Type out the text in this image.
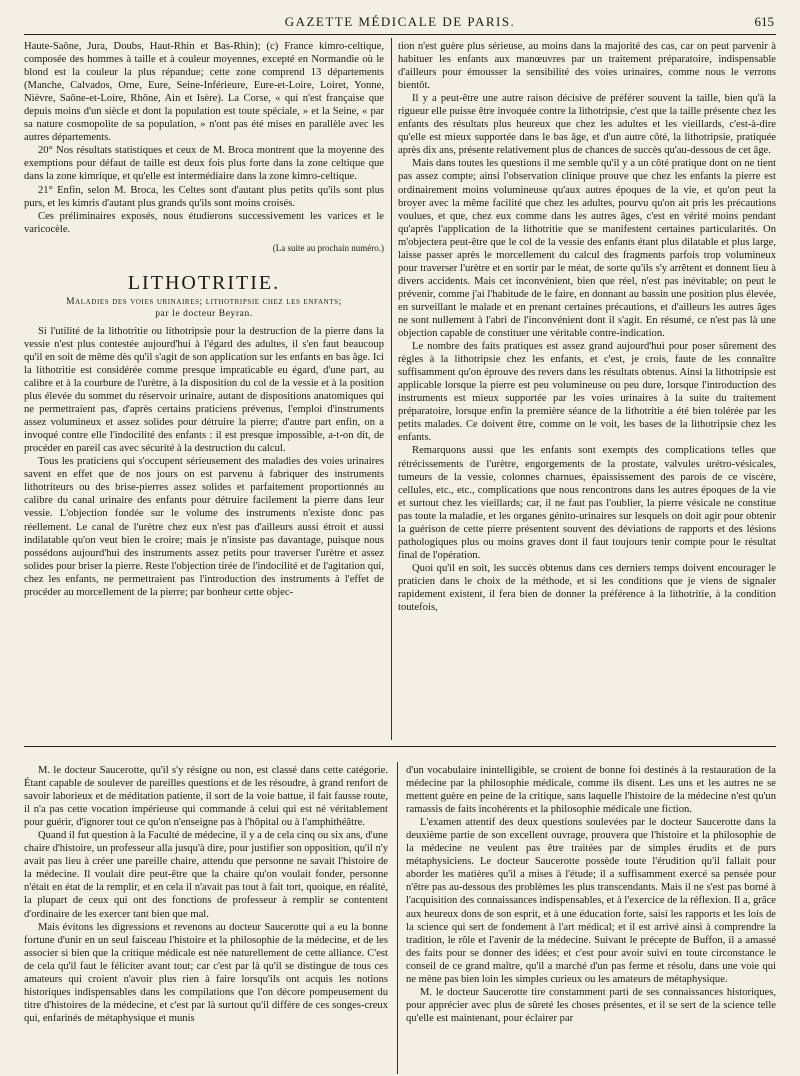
GAZETTE MÉDICALE DE PARIS.	615

Haute-Saône, Jura, Doubs, Haut-Rhin et Bas-Rhin); (c) France kimro-celtique, composée des hommes à taille et à couleur moyennes, excepté en Normandie où le blond est la couleur la plus répandue; cette zone comprend 13 départements (Manche, Calvados, Orne, Eure, Seine-Inférieure, Eure-et-Loire, Loiret, Yonne, Nièvre, Saône-et-Loire, Rhône, Ain et Isère). La Corse, « qui n'est française que depuis moins d'un siècle et dont la population est toute spéciale, » et la Seine, « par sa nature cosmopolite de sa population, » n'ont pas été mises en parallèle avec les autres départements.

20° Nos résultats statistiques et ceux de M. Broca montrent que la moyenne des exemptions pour défaut de taille est deux fois plus forte dans la zone celtique que dans la zone kimrique, et qu'elle est intermédiaire dans la zone kimro-celtique.

21° Enfin, selon M. Broca, les Celtes sont d'autant plus petits qu'ils sont plus purs, et les kimris d'autant plus grands qu'ils sont moins croisés.

Ces préliminaires exposés, nous étudierons successivement les varices et le varicocèle.

(La suite au prochain numéro.)
LITHOTRITIE.
Maladies des voies urinaires; lithotripsie chez les enfants;
par le docteur Beyran.

Si l'utilité de la lithotritie ou lithotripsie pour la destruction de la pierre dans la vessie n'est plus contestée aujourd'hui à l'égard des adultes, il s'en faut beaucoup qu'il en soit de même dès qu'il s'agit de son application sur les enfants en bas âge. Ici la lithotritie est considérée comme presque impraticable eu égard, d'une part, au calibre et à la courbure de l'urètre, à la disposition du col de la vessie et à la position plus élevée du sommet du réservoir urinaire, autant de dispositions anatomiques qui ne permettraient pas, d'après certains praticiens prévenus, l'emploi d'instruments assez volumineux et assez solides pour détruire la pierre; d'autre part enfin, on a invoqué contre elle l'indocilité des enfants : il est presque impossible, a-t-on dit, de procéder en pareil cas avec sécurité à la destruction du calcul.

Tous les praticiens qui s'occupent sérieusement des maladies des voies urinaires savent en effet que de nos jours on est parvenu à fabriquer des instruments lithotriteurs ou des brise-pierres assez solides et parfaitement proportionnés au calibre du canal urinaire des enfants pour détruire facilement la pierre dans leur vessie. L'objection fondée sur le volume des instruments n'existe donc pas réellement. Le canal de l'urètre chez eux n'est pas d'ailleurs aussi étroit et aussi indilatable qu'on veut bien le croire; mais je n'insiste pas davantage, puisque nous possédons aujourd'hui des instruments assez petits pour traverser l'urètre et assez solides pour briser la pierre. Reste l'objection tirée de l'indocilité et de l'agitation qui, chez les enfants, ne permettraient pas l'introduction des instruments à l'effet de procéder au morcellement de la pierre; par bonheur cette objec-

tion n'est guère plus sérieuse, au moins dans la majorité des cas, car on peut parvenir à habituer les enfants aux manœuvres par un traitement préparatoire, indispensable d'ailleurs pour émousser la sensibilité des voies urinaires, comme nous le verrons bientôt.

Il y a peut-être une autre raison décisive de préférer souvent la taille, bien qu'à la rigueur elle puisse être invoquée contre la lithotripsie, c'est que la taille présente chez les enfants des résultats plus heureux que chez les adultes et les vieillards, c'est-à-dire qu'elle est mieux supportée dans le bas âge, et d'un autre côté, la lithotripsie, pratiquée après dix ans, présente relativement plus de chances de succès qu'au-dessous de cet âge.

Mais dans toutes les questions il me semble qu'il y a un côté pratique dont on ne tient pas assez compte; ainsi l'observation clinique prouve que chez les enfants la pierre est ordinairement moins volumineuse qu'aux autres époques de la vie, et qu'on peut la broyer avec la même facilité que chez les adultes, pourvu qu'on ait pris les précautions voulues, et que, chez eux comme dans les autres âges, c'est en vérité moins pendant qu'après l'application de la lithotritie que se manifestent certaines particularités. On m'objectera peut-être que le col de la vessie des enfants étant plus dilatable et plus large, laisse passer après le morcellement du calcul des fragments parfois trop volumineux pour traverser l'urètre et en sortir par le méat, de sorte qu'ils s'y arrêtent et donnent lieu à divers accidents. Mais cet inconvénient, bien que réel, n'est pas inévitable; on peut le prévenir, comme j'ai l'habitude de le faire, en donnant au bassin une position plus élevée, en surveillant le malade et en prenant certaines précautions, et d'ailleurs les autres âges ne sont nullement à l'abri de l'inconvénient dont il s'agit. En résumé, ce n'est pas là une objection capable de constituer une véritable contre-indication.

Le nombre des faits pratiques est assez grand aujourd'hui pour poser sûrement des règles à la lithotripsie chez les enfants, et c'est, je crois, faute de les connaître suffisamment qu'on éprouve des revers dans les résultats obtenus. Ainsi la lithotripsie est applicable lorsque la pierre est peu volumineuse ou peu dure, lorsque l'introduction des instruments est mieux supportée par les voies urinaires à la suite du traitement préparatoire, lorsque enfin la première séance de la lithotritie a été bien tolérée par les petits malades. Ce doivent être, comme on le voit, les bases de la lithotripsie chez les enfants.

Remarquons aussi que les enfants sont exempts des complications telles que rétrécissements de l'urètre, engorgements de la prostate, valvules urétro-vésicales, tumeurs de la vessie, colonnes charnues, épaississement des parois de ce viscère, cellules, etc., etc., complications que nous rencontrons dans les autres époques de la vie et surtout chez les vieillards; car, il ne faut pas l'oublier, la pierre vésicale ne constitue pas toute la maladie, et les organes génito-urinaires sur lesquels on doit agir pour obtenir la guérison de cette pierre présentent souvent des déviations de rapports et des lésions pathologiques plus ou moins graves dont il faut toujours tenir compte pour le résultat final de l'opération.

Quoi qu'il en soit, les succès obtenus dans ces derniers temps doivent encourager le praticien dans le choix de la méthode, et si les conditions que je viens de signaler rapidement existent, il fera bien de donner la préférence à la lithotritie, à la condition toutefois,

M. le docteur Saucerotte, qu'il s'y résigne ou non, est classé dans cette catégorie. Étant capable de soulever de pareilles questions et de les résoudre, à grand renfort de savoir laborieux et de méditation patiente, il sort de la voie battue, il fait fausse route, il n'a pas cette vocation impérieuse qui commande à celui qui est né véritablement pour guérir, d'ignorer tout ce qu'on n'enseigne pas à l'hôpital ou à l'amphithéâtre.

Quand il fut question à la Faculté de médecine, il y a de cela cinq ou six ans, d'une chaire d'histoire, un professeur alla jusqu'à dire, pour justifier son opposition, qu'il n'y avait pas lieu à créer une pareille chaire, attendu que personne ne savait l'histoire de la médecine. Il voulait dire peut-être que la chaire qu'on voulait fonder, personne n'était en état de la remplir, et en cela il n'avait pas tout à fait tort, quoique, en réalité, la plupart de ceux qui ont des fonctions de professeur à remplir se contentent d'ordinaire de les exercer tant bien que mal.

Mais évitons les digressions et revenons au docteur Saucerotte qui a eu la bonne fortune d'unir en un seul faisceau l'histoire et la philosophie de la médecine, et de les associer si bien que la critique médicale est née naturellement de cette alliance. C'est de cela qu'il faut le féliciter avant tout; car c'est par là qu'il se distingue de tous ces amateurs qui croient n'avoir plus rien à faire lorsqu'ils ont acquis les notions historiques indispensables dans les compilations que l'on décore pompeusement du titre d'histoires de la médecine, et c'est par là surtout qu'il diffère de ces songes-creux qui, enfarinés de métaphysique et munis

d'un vocabulaire inintelligible, se croient de bonne foi destinés à la restauration de la médecine par la philosophie médicale, comme ils disent. Les uns et les autres ne se mettent guère en peine de la critique, sans laquelle l'histoire de la médecine n'est qu'un ramassis de faits incohérents et la philosophie médicale une fiction.

L'examen attentif des deux questions soulevées par le docteur Saucerotte dans la deuxième partie de son excellent ouvrage, prouvera que l'histoire et la philosophie de la médecine ne veulent pas être traitées par de simples érudits et de purs métaphysiciens. Le docteur Saucerotte possède toute l'érudition qu'il fallait pour aborder les matières qu'il a mises à l'étude; il a suffisamment exercé sa pensée pour n'être pas au-dessous des problèmes les plus transcendants. Mais il ne s'est pas borné à l'acquisition des connaissances indispensables, et à l'exercice de la réflexion. Il a, grâce aux heureux dons de son esprit, et à une éducation forte, saisi les rapports et les lois de la science qui sert de fondement à l'art médical; et il est arrivé ainsi à comprendre la tradition, le rôle et l'avenir de la médecine. Suivant le précepte de Buffon, il a amassé des faits pour se donner des idées; et c'est pour avoir suivi en toute circonstance le conseil de ce grand maître, qu'il a marché d'un pas ferme et résolu, dans une voie qui ne mène pas bien loin les simples curieux ou les amateurs de métaphysique.

M. le docteur Saucerotte tire constamment parti de ses connaissances historiques, pour apprécier avec plus de sûreté les choses présentes, et il se sert de la science telle qu'elle est maintenant, pour éclairer par
